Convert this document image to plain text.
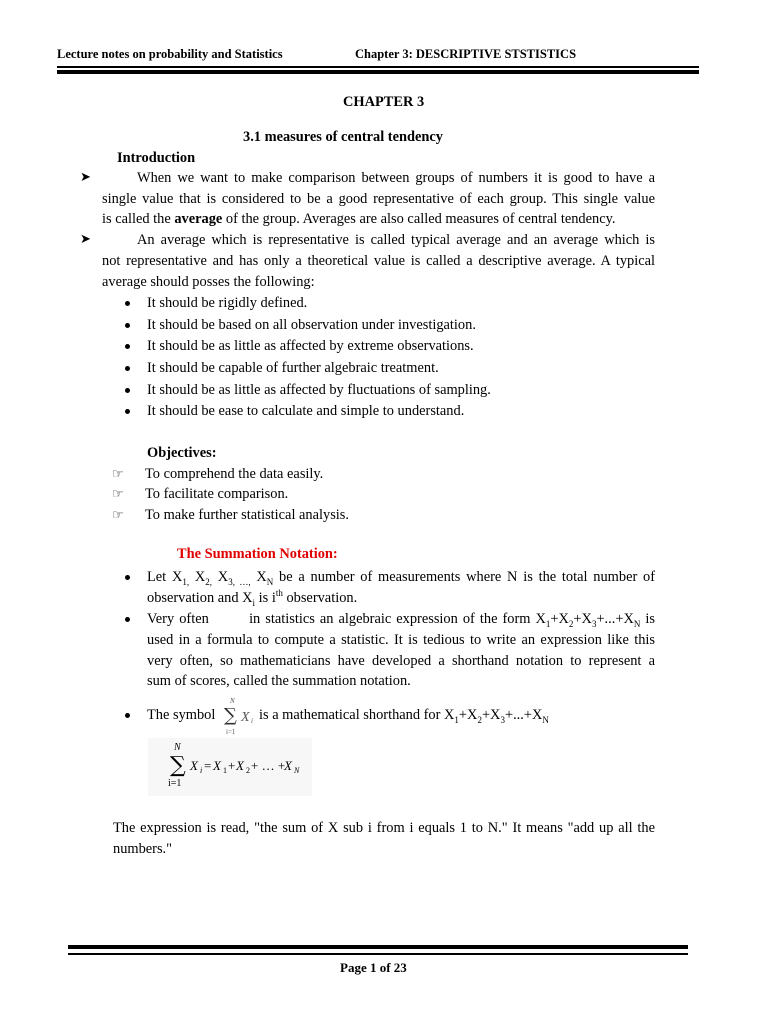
Lecture notes on probability and Statistics	Chapter 3: DESCRIPTIVE STSTISTICS
CHAPTER 3
3.1 measures of central tendency
Introduction
➤	When we want to make comparison between groups of numbers it is good to have a
single value that is considered to be a good representative of each group. This single value
is called the average of the group. Averages are also called measures of central tendency.
➤	An average which is representative is called typical average and an average which is
not representative and has only a theoretical value is called a descriptive average. A typical
average should posses the following:
It should be rigidly defined.
It should be based on all observation under investigation.
It should be as little as affected by extreme observations.
It should be capable of further algebraic treatment.
It should be as little as affected by fluctuations of sampling.
It should be ease to calculate and simple to understand.
Objectives:
☞ To comprehend the data easily.
☞ To facilitate comparison.
☞ To make further statistical analysis.
The Summation Notation:
Let $X_{1,}$ $X_{2,}$ $X_{3, \dots,}$ $X_N$ be a number of measurements where N is the total number of
observation and $X_i$ is $i^{th}$ observation.
Very often        in statistics an algebraic expression of the form $X_1+X_2+X_3+...+X_N$ is
used in a formula to compute a statistic. It is tedious to write an expression like this
very often, so mathematicians have developed a shorthand notation to represent a
sum of scores, called the summation notation.
The symbol
N
∑ X i
i=1
is a mathematical shorthand for $X_1+X_2+X_3+...+X_N$
N
∑
i=1
X i = X 1 + X 2 + … +
X N
The expression is read, "the sum of X sub i from i equals 1 to N." It means "add up all the
numbers."
Page 1 of 23
